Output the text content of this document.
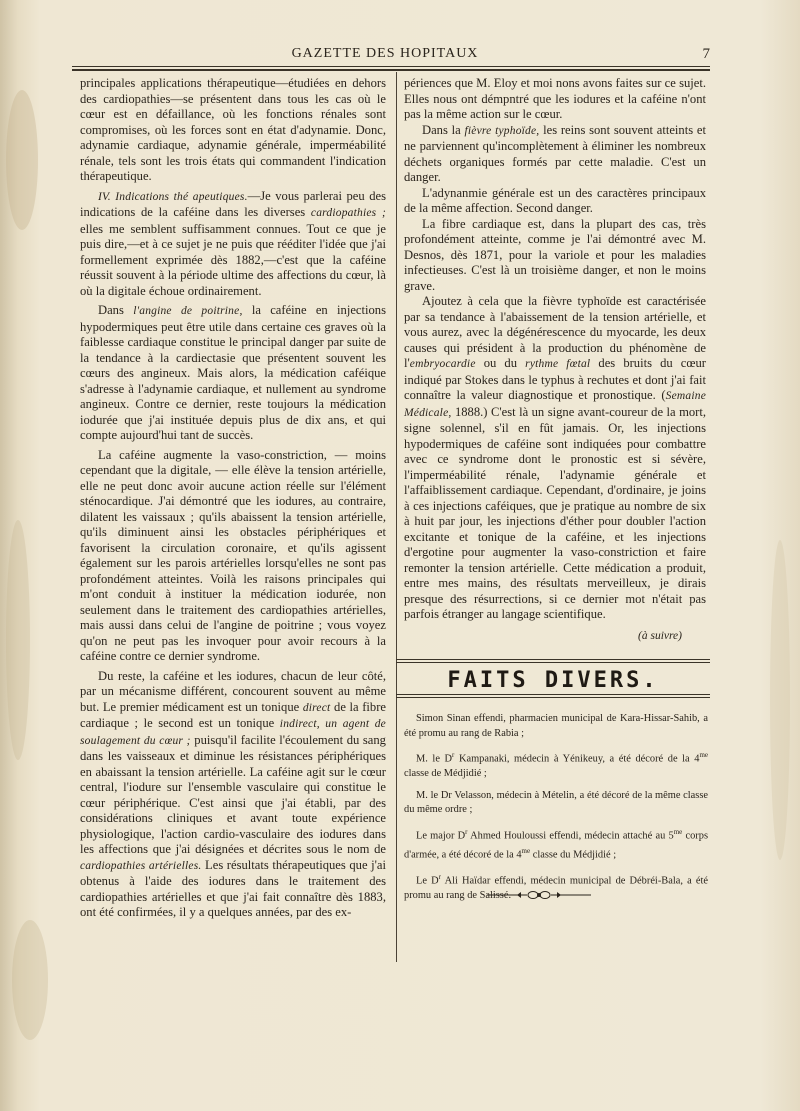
GAZETTE DES HOPITAUX	7

principales applications thérapeutique—étudiées en dehors des cardiopathies—se présentent dans tous les cas où le cœur est en défaillance, où les fonctions rénales sont compromises, où les forces sont en état d'adynamie. Donc, adynamie cardiaque, adynamie générale, imperméabilité rénale, tels sont les trois états qui commandent l'indication thérapeutique.

IV. Indications thé apeutiques.—Je vous parlerai peu des indications de la caféine dans les diverses cardiopathies ; elles me semblent suffisamment connues. Tout ce que je puis dire,—et à ce sujet je ne puis que rééditer l'idée que j'ai formellement exprimée dès 1882,—c'est que la caféine réussit souvent à la période ultime des affections du cœur, là où la digitale échoue ordinairement.

Dans l'angine de poitrine, la caféine en injections hypodermiques peut être utile dans certaine ces graves où la faiblesse cardiaque constitue le principal danger par suite de la tendance à la cardiectasie que présentent souvent les cœurs des angineux. Mais alors, la médication caféique s'adresse à l'adynamie cardiaque, et nullement au syndrome angineux. Contre ce dernier, reste toujours la médication iodurée que j'ai instituée depuis plus de dix ans, et qui compte aujourd'hui tant de succès.

La caféine augmente la vaso-constriction, — moins cependant que la digitale, — elle élève la tension artérielle, elle ne peut donc avoir aucune action réelle sur l'élément sténocardique. J'ai démontré que les iodures, au contraire, dilatent les vaissaux ; qu'ils abaissent la tension artérielle, qu'ils diminuent ainsi les obstacles périphériques et favorisent la circulation coronaire, et qu'ils agissent également sur les parois artérielles lorsqu'elles ne sont pas profondément atteintes. Voilà les raisons principales qui m'ont conduit à instituer la médication iodurée, non seulement dans le traitement des cardiopathies artérielles, mais aussi dans celui de l'angine de poitrine ; vous voyez qu'on ne peut pas les invoquer pour avoir recours à la caféine contre ce dernier syndrome.

Du reste, la caféine et les iodures, chacun de leur côté, par un mécanisme différent, concourent souvent au même but. Le premier médicament est un tonique direct de la fibre cardiaque ; le second est un tonique indirect, un agent de soulagement du cœur ; puisqu'il facilite l'écoulement du sang dans les vaisseaux et diminue les résistances périphériques en abaissant la tension artérielle. La caféine agit sur le cœur central, l'iodure sur l'ensemble vasculaire qui constitue le cœur périphérique. C'est ainsi que j'ai établi, par des considérations cliniques et avant toute expérience physiologique, l'action cardio-vasculaire des iodures dans les affections que j'ai désignées et décrites sous le nom de cardiopathies artérielles. Les résultats thérapeutiques que j'ai obtenus à l'aide des iodures dans le traitement des cardiopathies artérielles et que j'ai fait connaître dès 1883, ont été confirmées, il y a quelques années, par des ex-

périences que M. Eloy et moi nons avons faites sur ce sujet. Elles nous ont démpntré que les iodures et la caféine n'ont pas la même action sur le cœur.

Dans la fièvre typhoïde, les reins sont souvent atteints et ne parviennent qu'incomplètement à éliminer les nombreux déchets organiques formés par cette maladie. C'est un danger.

L'adynanmie générale est un des caractères principaux de la même affection. Second danger.

La fibre cardiaque est, dans la plupart des cas, très profondément atteinte, comme je l'ai démontré avec M. Desnos, dès 1871, pour la variole et pour les maladies infectieuses. C'est là un troisième danger, et non le moins grave.

Ajoutez à cela que la fièvre typhoïde est caractérisée par sa tendance à l'abaissement de la tension artérielle, et vous aurez, avec la dégénérescence du myocarde, les deux causes qui président à la production du phénomène de l'embryocardie ou du rythme fœtal des bruits du cœur indiqué par Stokes dans le typhus à rechutes et dont j'ai fait connaître la valeur diagnostique et pronostique. (Semaine Médicale, 1888.) C'est là un signe avant-coureur de la mort, signe solennel, s'il en fût jamais. Or, les injections hypodermiques de caféine sont indiquées pour combattre avec ce syndrome dont le pronostic est si sévère, l'imperméabilité rénale, l'adynamie générale et l'affaiblissement cardiaque. Cependant, d'ordinaire, je joins à ces injections caféiques, que je pratique au nombre de six à huit par jour, les injections d'éther pour doubler l'action excitante et tonique de la caféine, et les injections d'ergotine pour augmenter la vaso-constriction et faire remonter la tension artérielle. Cette médication a produit, entre mes mains, des résultats merveilleux, je dirais presque des résurrections, si ce dernier mot n'était pas parfois étranger au langage scientifique.

(à suivre)
FAITS DIVERS.

Simon Sinan effendi, pharmacien municipal de Kara-Hissar-Sahib, a été promu au rang de Rabia ;

M. le $D^r$ Kampanaki, médecin à Yénikeuy, a été décoré de la $4^{me}$ classe de Médjidié ;

M. le Dr Velasson, médecin à Mételin, a été décoré de la même classe du même ordre ;

Le major $D^r$ Ahmed Houloussi effendi, médecin attaché au $5^{me}$ corps d'armée, a été décoré de la $4^{me}$ classe du Médjidié ;

Le $D^r$ Ali Haïdar effendi, médecin municipal de Débréi-Bala, a été promu au rang de Salissé.
